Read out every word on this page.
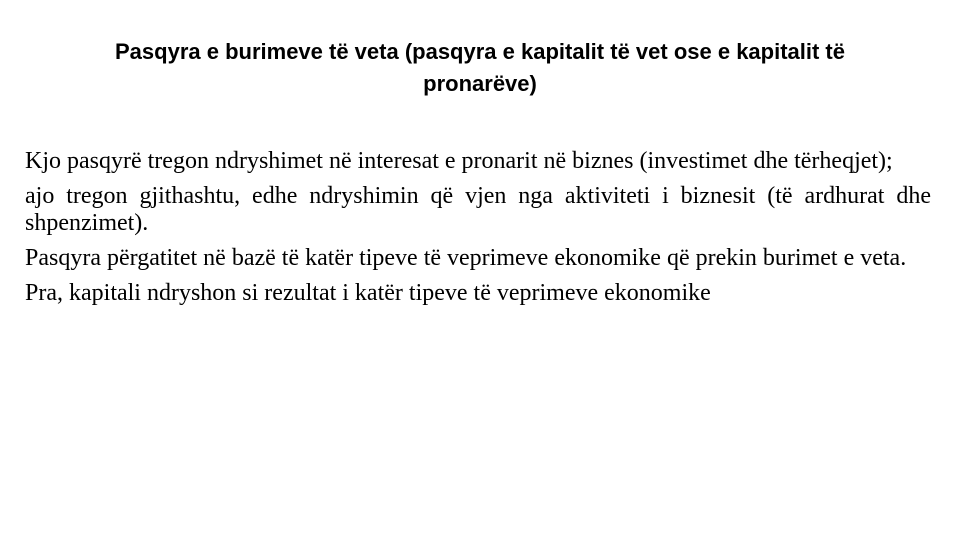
Pasqyra e burimeve të veta (pasqyra e kapitalit të vet ose e kapitalit të pronarëve)
Kjo pasqyrë tregon ndryshimet në interesat e pronarit në biznes (investimet dhe tërheqjet);
ajo tregon gjithashtu, edhe ndryshimin që vjen nga aktiviteti i biznesit (të ardhurat dhe shpenzimet).
Pasqyra përgatitet në bazë të katër tipeve të veprimeve ekonomike që prekin burimet e veta.
Pra, kapitali ndryshon si rezultat i katër tipeve të veprimeve ekonomike
